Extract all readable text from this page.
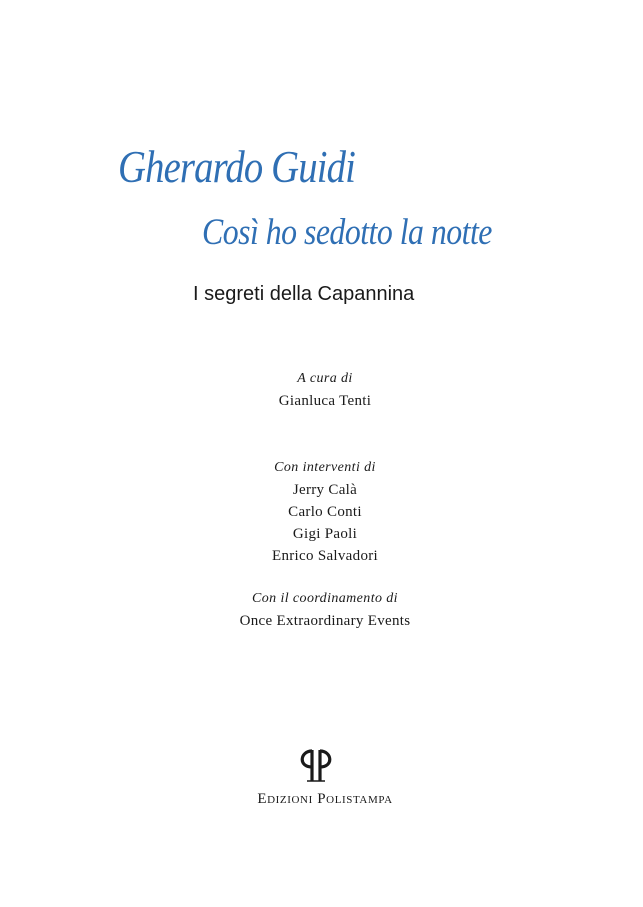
Gherardo Guidi
Così ho sedotto la notte
I segreti della Capannina
A cura di
Gianluca Tenti
Con interventi di
Jerry Calà
Carlo Conti
Gigi Paoli
Enrico Salvadori
Con il coordinamento di
Once Extraordinary Events
Edizioni Polistampa
